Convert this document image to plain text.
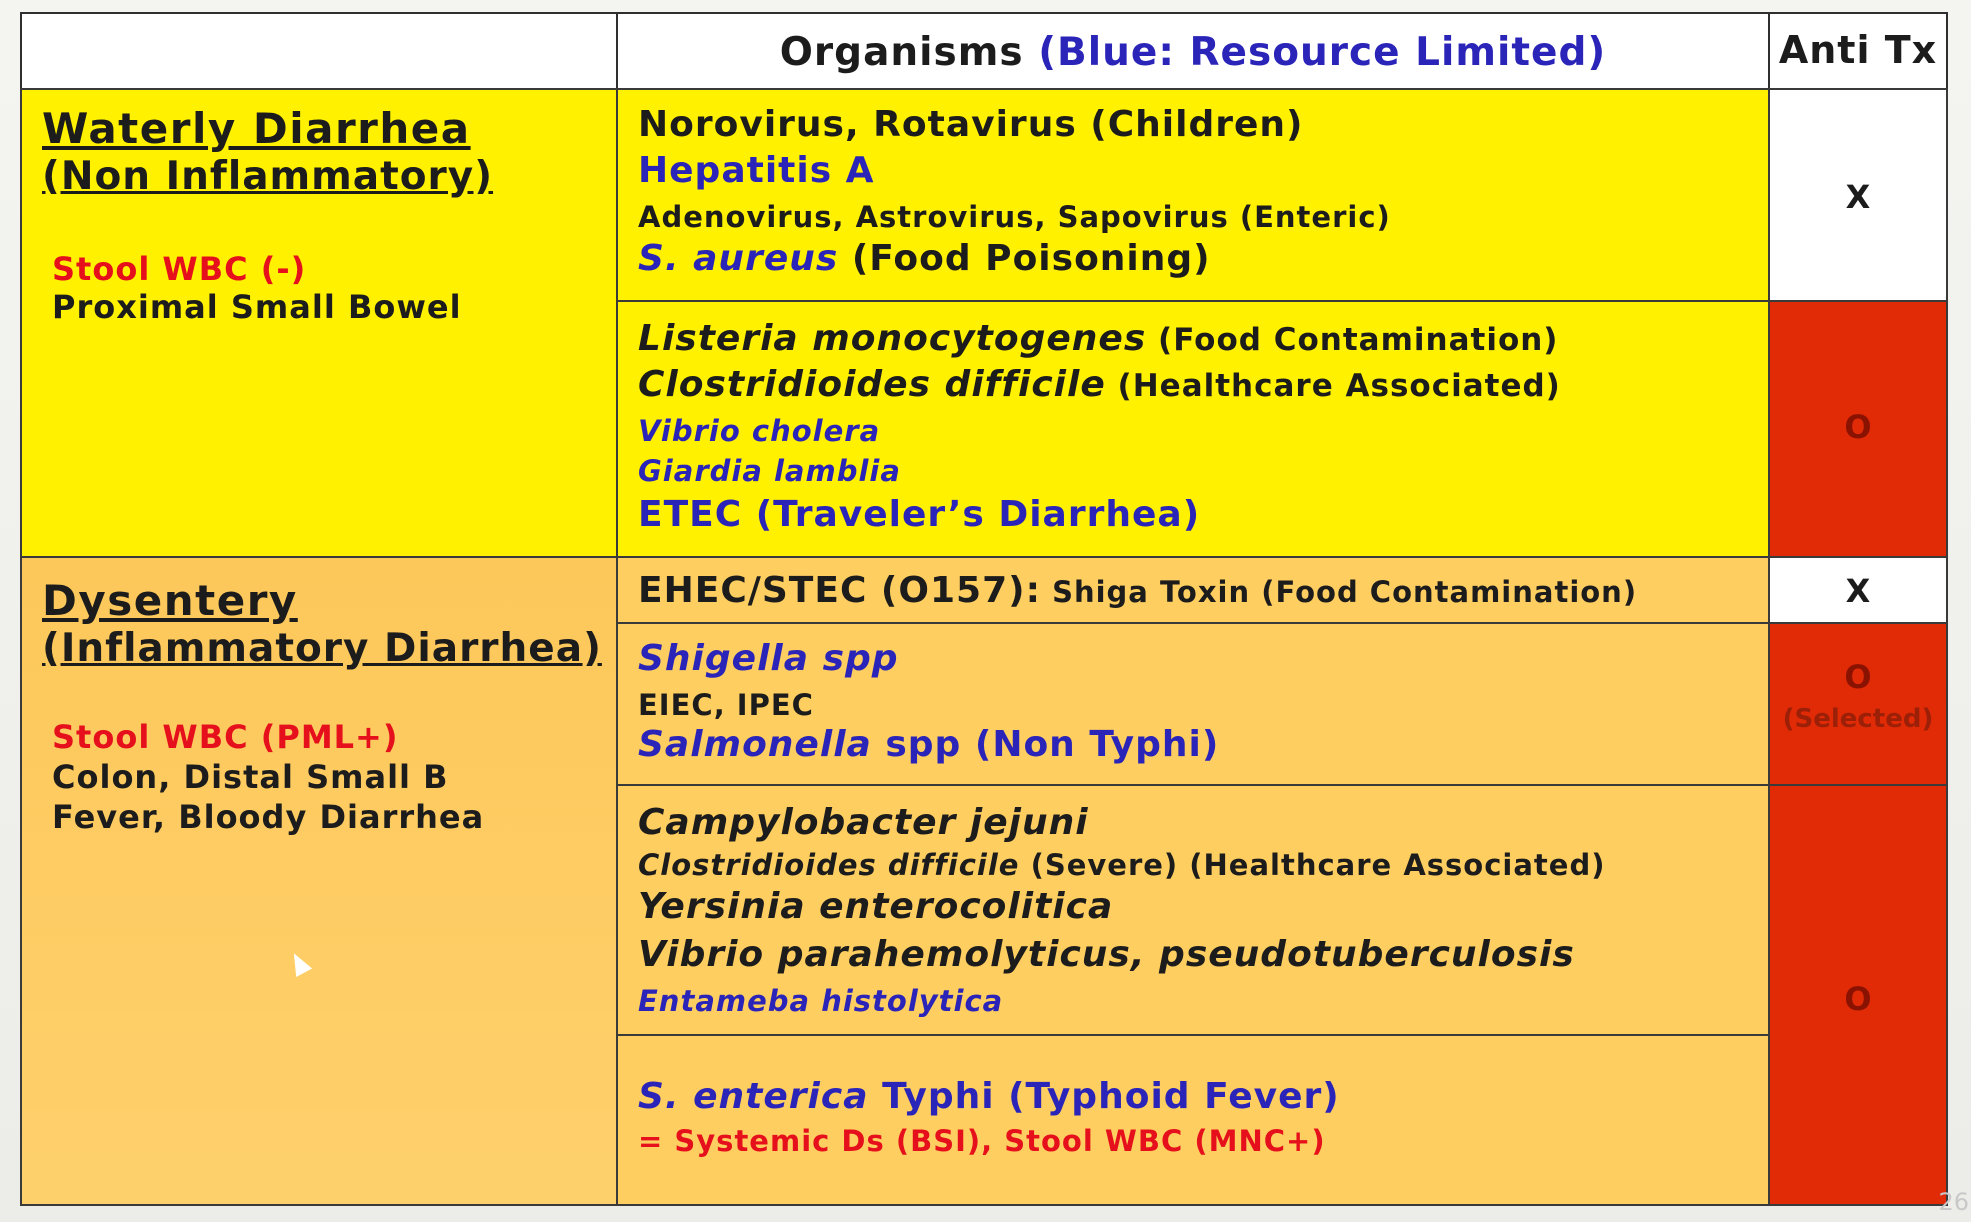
Organisms (Blue: Resource Limited)	Anti Tx
Waterly Diarrhea
(Non Inflammatory)
Stool WBC (-)
Proximal Small Bowel
Norovirus, Rotavirus (Children)
Hepatitis A
Adenovirus, Astrovirus, Sapovirus (Enteric)
S. aureus (Food Poisoning)
X
Listeria monocytogenes (Food Contamination)
Clostridioides difficile (Healthcare Associated)
Vibrio cholera
Giardia lamblia
ETEC (Traveler’s Diarrhea)
O
Dysentery
(Inflammatory Diarrhea)
Stool WBC (PML+)
Colon, Distal Small B
Fever, Bloody Diarrhea
EHEC/STEC (O157): Shiga Toxin (Food Contamination)	X
Shigella spp
EIEC, IPEC
Salmonella spp (Non Typhi)
O
(Selected)
Campylobacter jejuni
Clostridioides difficile (Severe) (Healthcare Associated)
Yersinia enterocolitica
Vibrio parahemolyticus, pseudotuberculosis
Entameba histolytica
S. enterica Typhi (Typhoid Fever)
= Systemic Ds (BSI), Stool WBC (MNC+)
O
26
